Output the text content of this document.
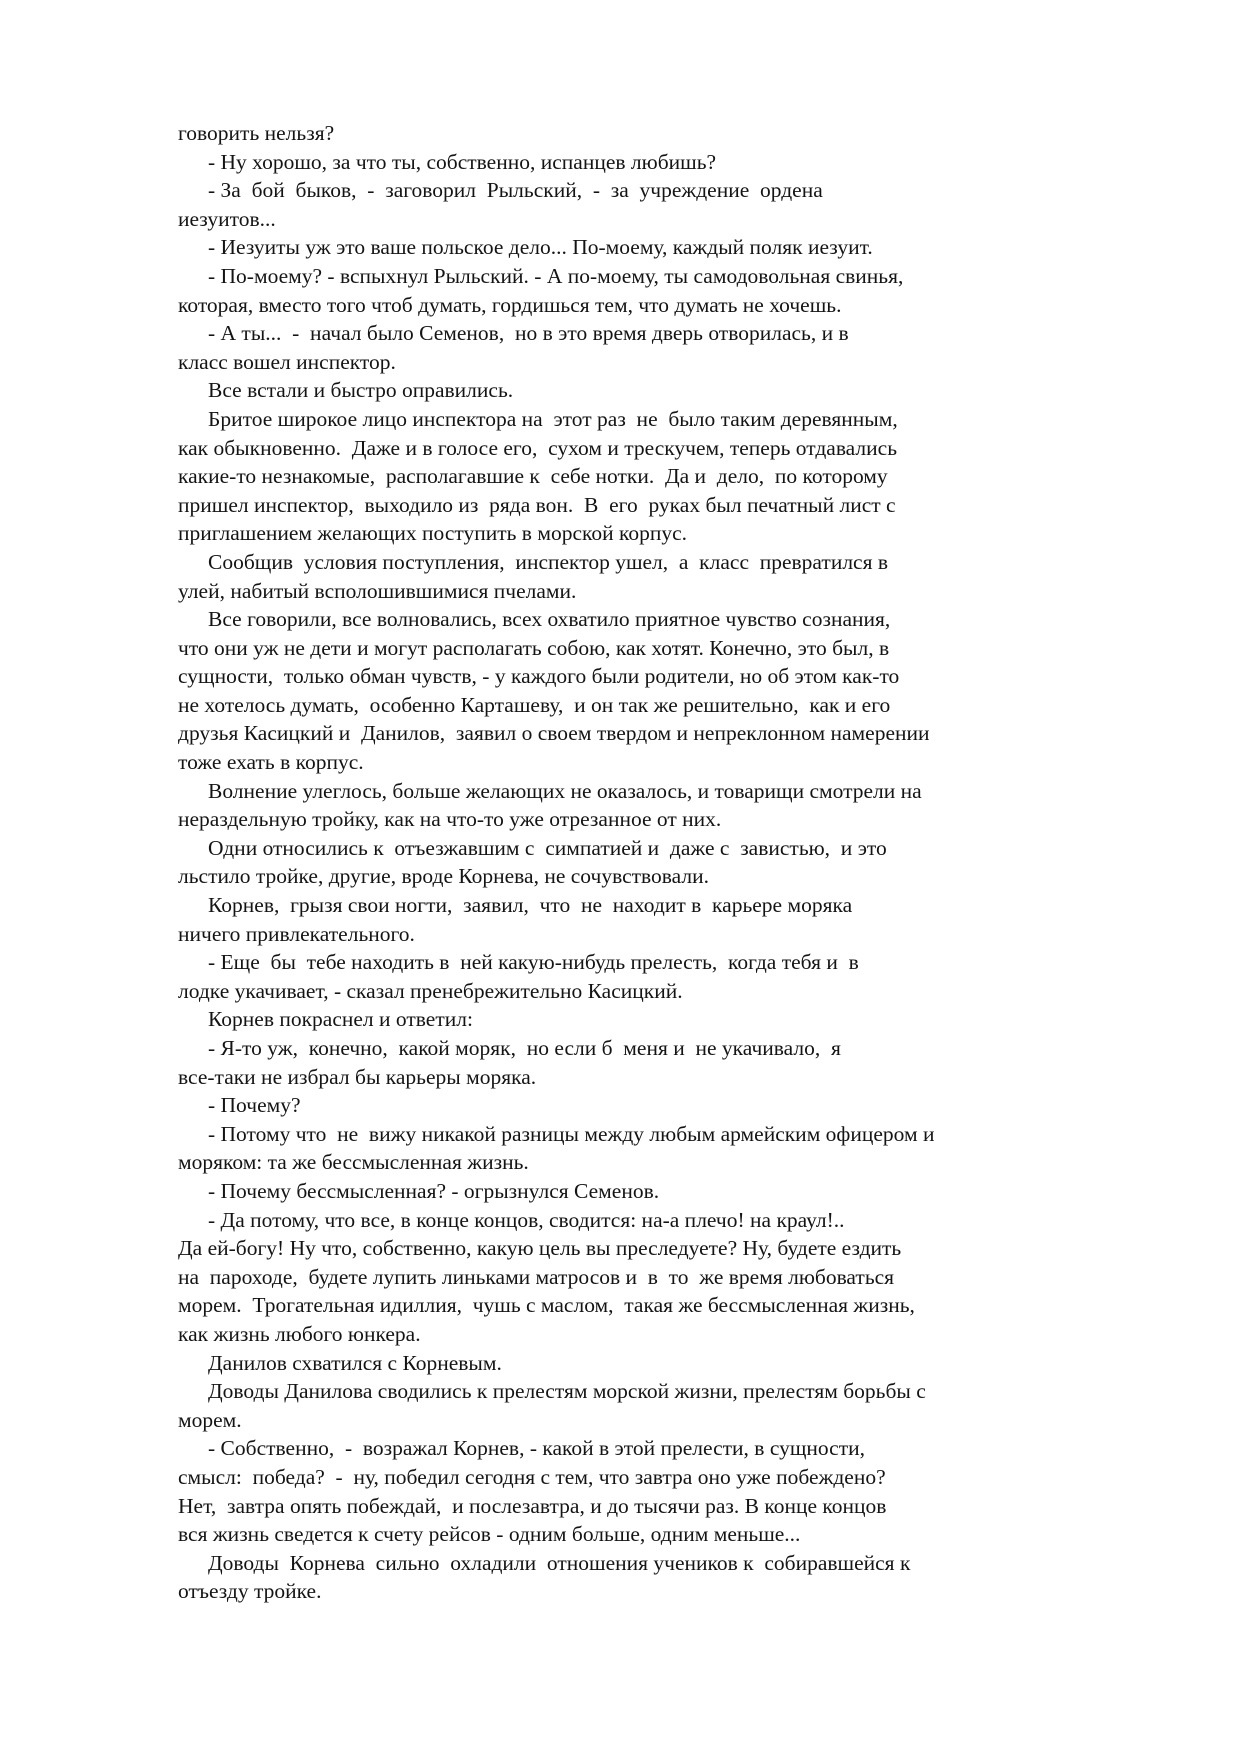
говорить нельзя?
- Ну хорошо, за что ты, собственно, испанцев любишь?
- За  бой  быков,  -  заговорил  Рыльский,  -  за  учреждение  ордена
иезуитов...
- Иезуиты уж это ваше польское дело... По-моему, каждый поляк иезуит.
- По-моему? - вспыхнул Рыльский. - А по-моему, ты самодовольная свинья,
которая, вместо того чтоб думать, гордишься тем, что думать не хочешь.
- А ты...  -  начал было Семенов,  но в это время дверь отворилась, и в
класс вошел инспектор.
Все встали и быстро оправились.
Бритое широкое лицо инспектора на  этот раз  не  было таким деревянным,
как обыкновенно.  Даже и в голосе его,  сухом и трескучем, теперь отдавались
какие-то незнакомые,  располагавшие к  себе нотки.  Да и  дело,  по которому
пришел инспектор,  выходило из  ряда вон.  В  его  руках был печатный лист с
приглашением желающих поступить в морской корпус.
Сообщив  условия поступления,  инспектор ушел,  а  класс  превратился в
улей, набитый всполошившимися пчелами.
Все говорили, все волновались, всех охватило приятное чувство сознания,
что они уж не дети и могут располагать собою, как хотят. Конечно, это был, в
сущности,  только обман чувств, - у каждого были родители, но об этом как-то
не хотелось думать,  особенно Карташеву,  и он так же решительно,  как и его
друзья Касицкий и  Данилов,  заявил о своем твердом и непреклонном намерении
тоже ехать в корпус.
Волнение улеглось, больше желающих не оказалось, и товарищи смотрели на
нераздельную тройку, как на что-то уже отрезанное от них.
Одни относились к  отъезжавшим с  симпатией и  даже с  завистью,  и это
льстило тройке, другие, вроде Корнева, не сочувствовали.
Корнев,  грызя свои ногти,  заявил,  что  не  находит в  карьере моряка
ничего привлекательного.
- Еще  бы  тебе находить в  ней какую-нибудь прелесть,  когда тебя и  в
лодке укачивает, - сказал пренебрежительно Касицкий.
Корнев покраснел и ответил:
- Я-то уж,  конечно,  какой моряк,  но если б  меня и  не укачивало,  я
все-таки не избрал бы карьеры моряка.
- Почему?
- Потому что  не  вижу никакой разницы между любым армейским офицером и
моряком: та же бессмысленная жизнь.
- Почему бессмысленная? - огрызнулся Семенов.
- Да потому, что все, в конце концов, сводится: на-а плечо! на краул!..
Да ей-богу! Ну что, собственно, какую цель вы преследуете? Ну, будете ездить
на  пароходе,  будете лупить линьками матросов и  в  то  же время любоваться
морем.  Трогательная идиллия,  чушь с маслом,  такая же бессмысленная жизнь,
как жизнь любого юнкера.
Данилов схватился с Корневым.
Доводы Данилова сводились к прелестям морской жизни, прелестям борьбы с
морем.
- Собственно,  -  возражал Корнев, - какой в этой прелести, в сущности,
смысл:  победа?  -  ну, победил сегодня с тем, что завтра оно уже побеждено?
Нет,  завтра опять побеждай,  и послезавтра, и до тысячи раз. В конце концов
вся жизнь сведется к счету рейсов - одним больше, одним меньше...
Доводы  Корнева  сильно  охладили  отношения учеников к  собиравшейся к
отъезду тройке.
